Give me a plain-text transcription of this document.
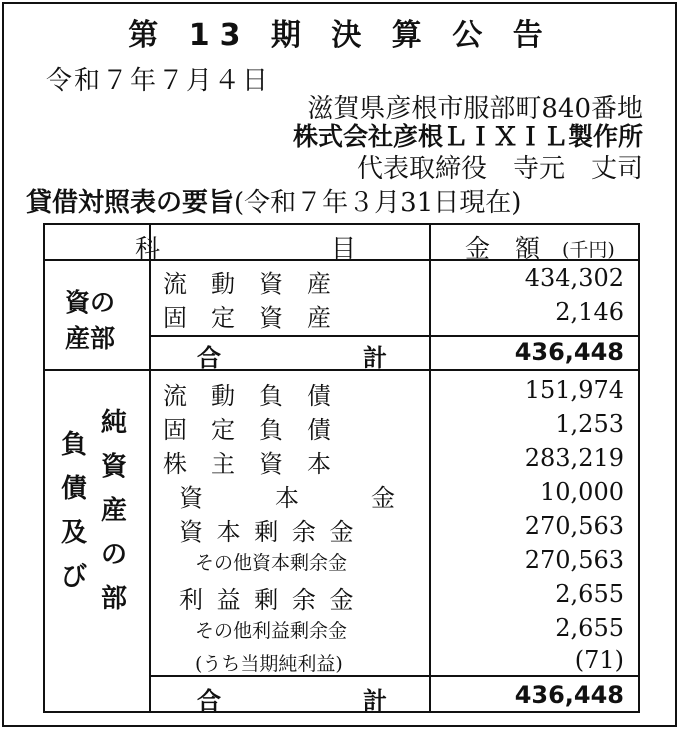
第 13 期 決 算 公 告
令和７年７月４日
滋賀県彦根市服部町840番地
株式会社彦根ＬＩＸＩＬ製作所
代表取締役　寺元　丈司
貸借対照表の要旨(令和７年３月31日現在)
科	目	金　額 (千円)
資の
産部
流　動　資　産	434,302
固　定　資　産	2,146
合	計	436,448
負
債
及
び
純
資
産
の
部
流　動　負　債	151,974
固　定　負　債	1,253
株　主　資　本	283,219
資　　　本　　　金	10,000
資 本 剰 余 金	270,563
その他資本剰余金	270,563
利 益 剰 余 金	2,655
その他利益剰余金	2,655
(うち当期純利益)	(71)
合	計	436,448
